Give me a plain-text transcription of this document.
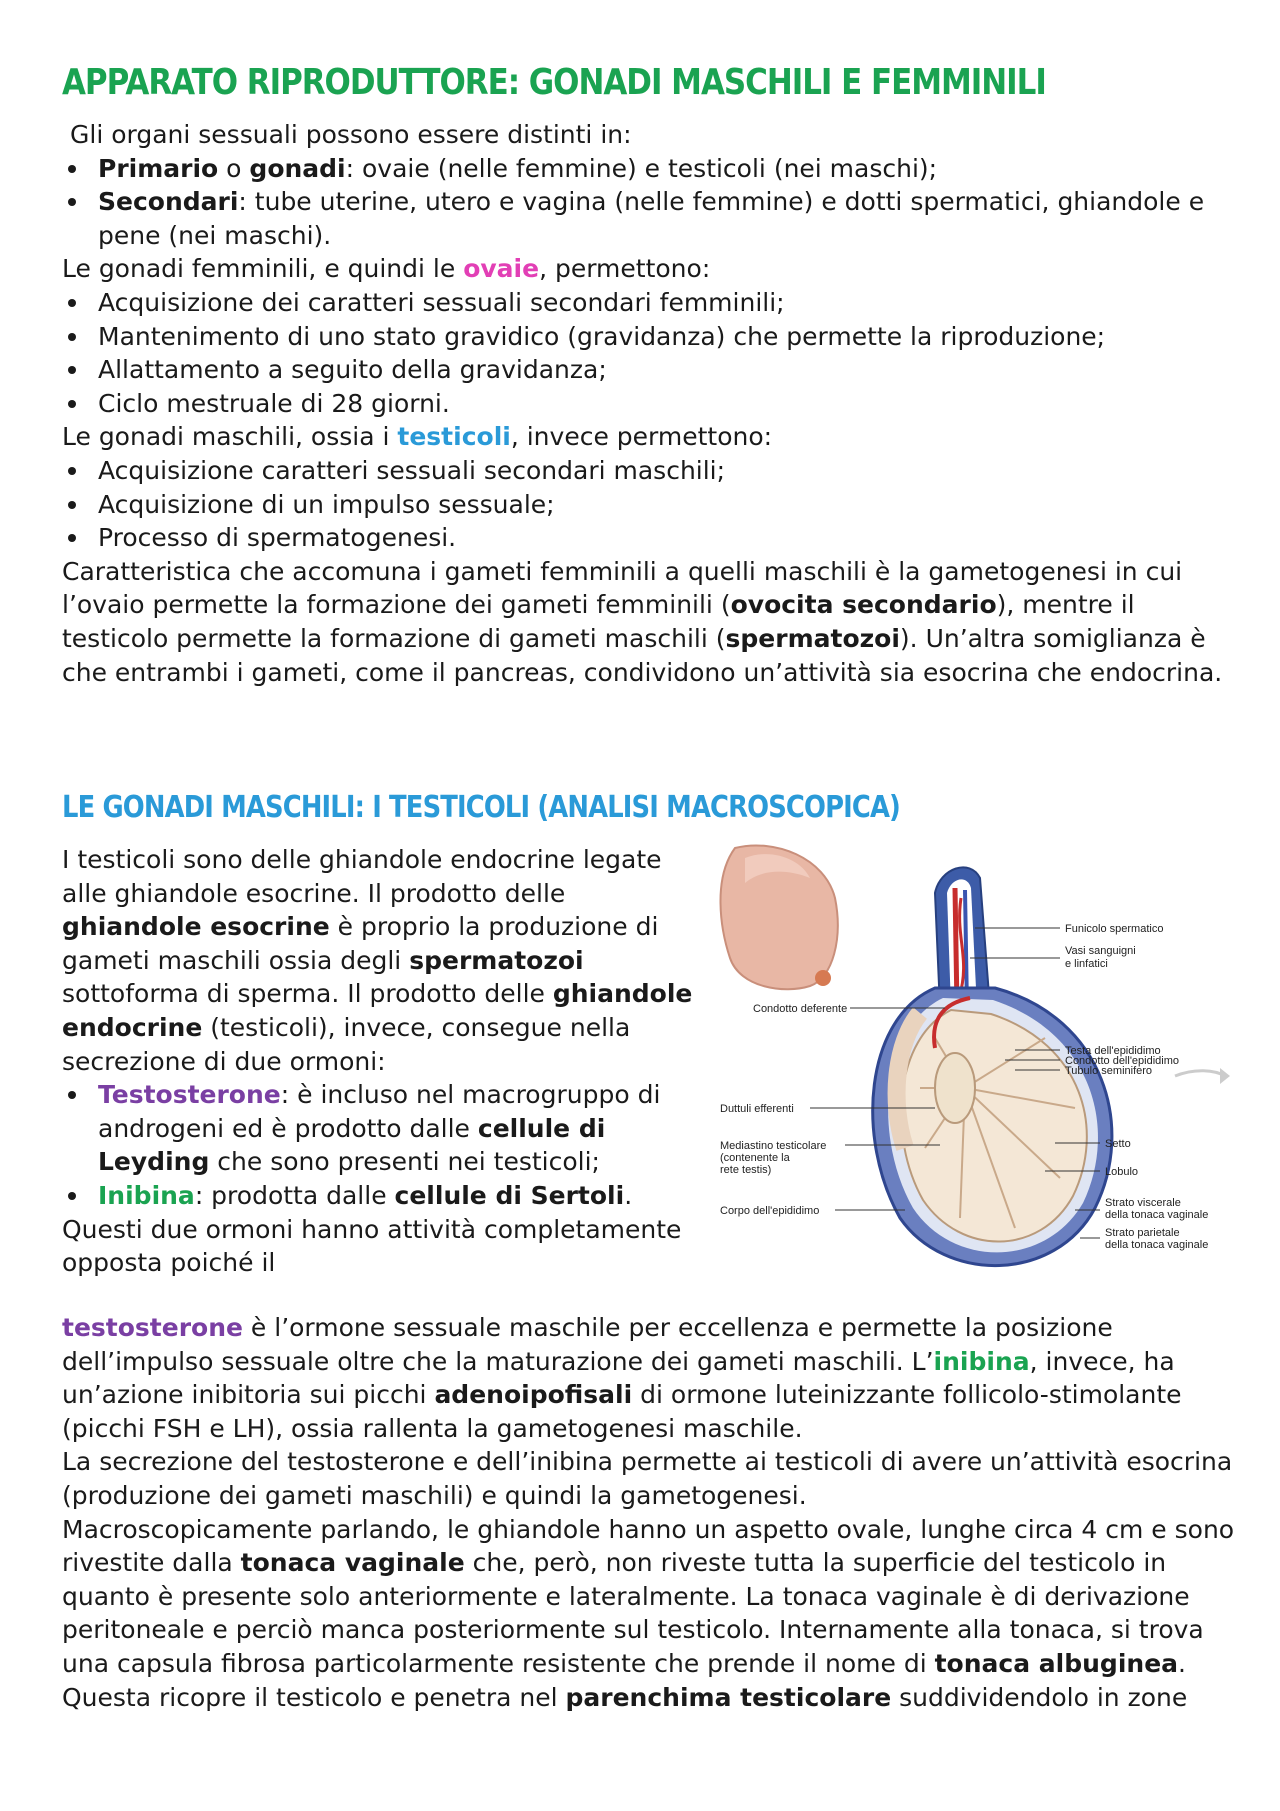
APPARATO RIPRODUTTORE: GONADI MASCHILI E FEMMINILI

Gli organi sessuali possono essere distinti in:

Primario o gonadi: ovaie (nelle femmine) e testicoli (nei maschi);
Secondari: tube uterine, utero e vagina (nelle femmine) e dotti spermatici, ghiandole e pene (nei maschi).

Le gonadi femminili, e quindi le ovaie, permettono:

Acquisizione dei caratteri sessuali secondari femminili;
Mantenimento di uno stato gravidico (gravidanza) che permette la riproduzione;
Allattamento a seguito della gravidanza;
Ciclo mestruale di 28 giorni.

Le gonadi maschili, ossia i testicoli, invece permettono:

Acquisizione caratteri sessuali secondari maschili;
Acquisizione di un impulso sessuale;
Processo di spermatogenesi.

Caratteristica che accomuna i gameti femminili a quelli maschili è la gametogenesi in cui l’ovaio permette la formazione dei gameti femminili (ovocita secondario), mentre il testicolo permette la formazione di gameti maschili (spermatozoi). Un’altra somiglianza è che entrambi i gameti, come il pancreas, condividono un’attività sia esocrina che endocrina.

LE GONADI MASCHILI: I TESTICOLI (ANALISI MACROSCOPICA)

I testicoli sono delle ghiandole endocrine legate alle ghiandole esocrine. Il prodotto delle ghiandole esocrine è proprio la produzione di gameti maschili ossia degli spermatozoi sottoforma di sperma. Il prodotto delle ghiandole endocrine (testicoli), invece, consegue nella secrezione di due ormoni:

Testosterone: è incluso nel macrogruppo di androgeni ed è prodotto dalle cellule di Leyding che sono presenti nei testicoli;
Inibina: prodotta dalle cellule di Sertoli.

Questi due ormoni hanno attività completamente opposta poiché il

testosterone è l’ormone sessuale maschile per eccellenza e permette la posizione dell’impulso sessuale oltre che la maturazione dei gameti maschili. L’inibina, invece, ha un’azione inibitoria sui picchi adenoipofisali di ormone luteinizzante follicolo-stimolante (picchi FSH e LH), ossia rallenta la gametogenesi maschile.

La secrezione del testosterone e dell’inibina permette ai testicoli di avere un’attività esocrina (produzione dei gameti maschili) e quindi la gametogenesi.

Macroscopicamente parlando, le ghiandole hanno un aspetto ovale, lunghe circa 4 cm e sono rivestite dalla tonaca vaginale che, però, non riveste tutta la superficie del testicolo in quanto è presente solo anteriormente e lateralmente. La tonaca vaginale è di derivazione peritoneale e perciò manca posteriormente sul testicolo. Internamente alla tonaca, si trova una capsula fibrosa particolarmente resistente che prende il nome di tonaca albuginea. Questa ricopre il testicolo e penetra nel parenchima testicolare suddividendolo in zone

Funicolo spermatico
Vasi sanguigni
e linfatici
Condotto deferente
Testa dell'epididimo
Condotto dell'epididimo
Tubulo seminifero
Duttuli efferenti
Mediastino testicolare
(contenente la
rete testis)
Setto
Lobulo
Corpo dell'epididimo
Strato viscerale
della tonaca vaginale
Strato parietale
della tonaca vaginale
